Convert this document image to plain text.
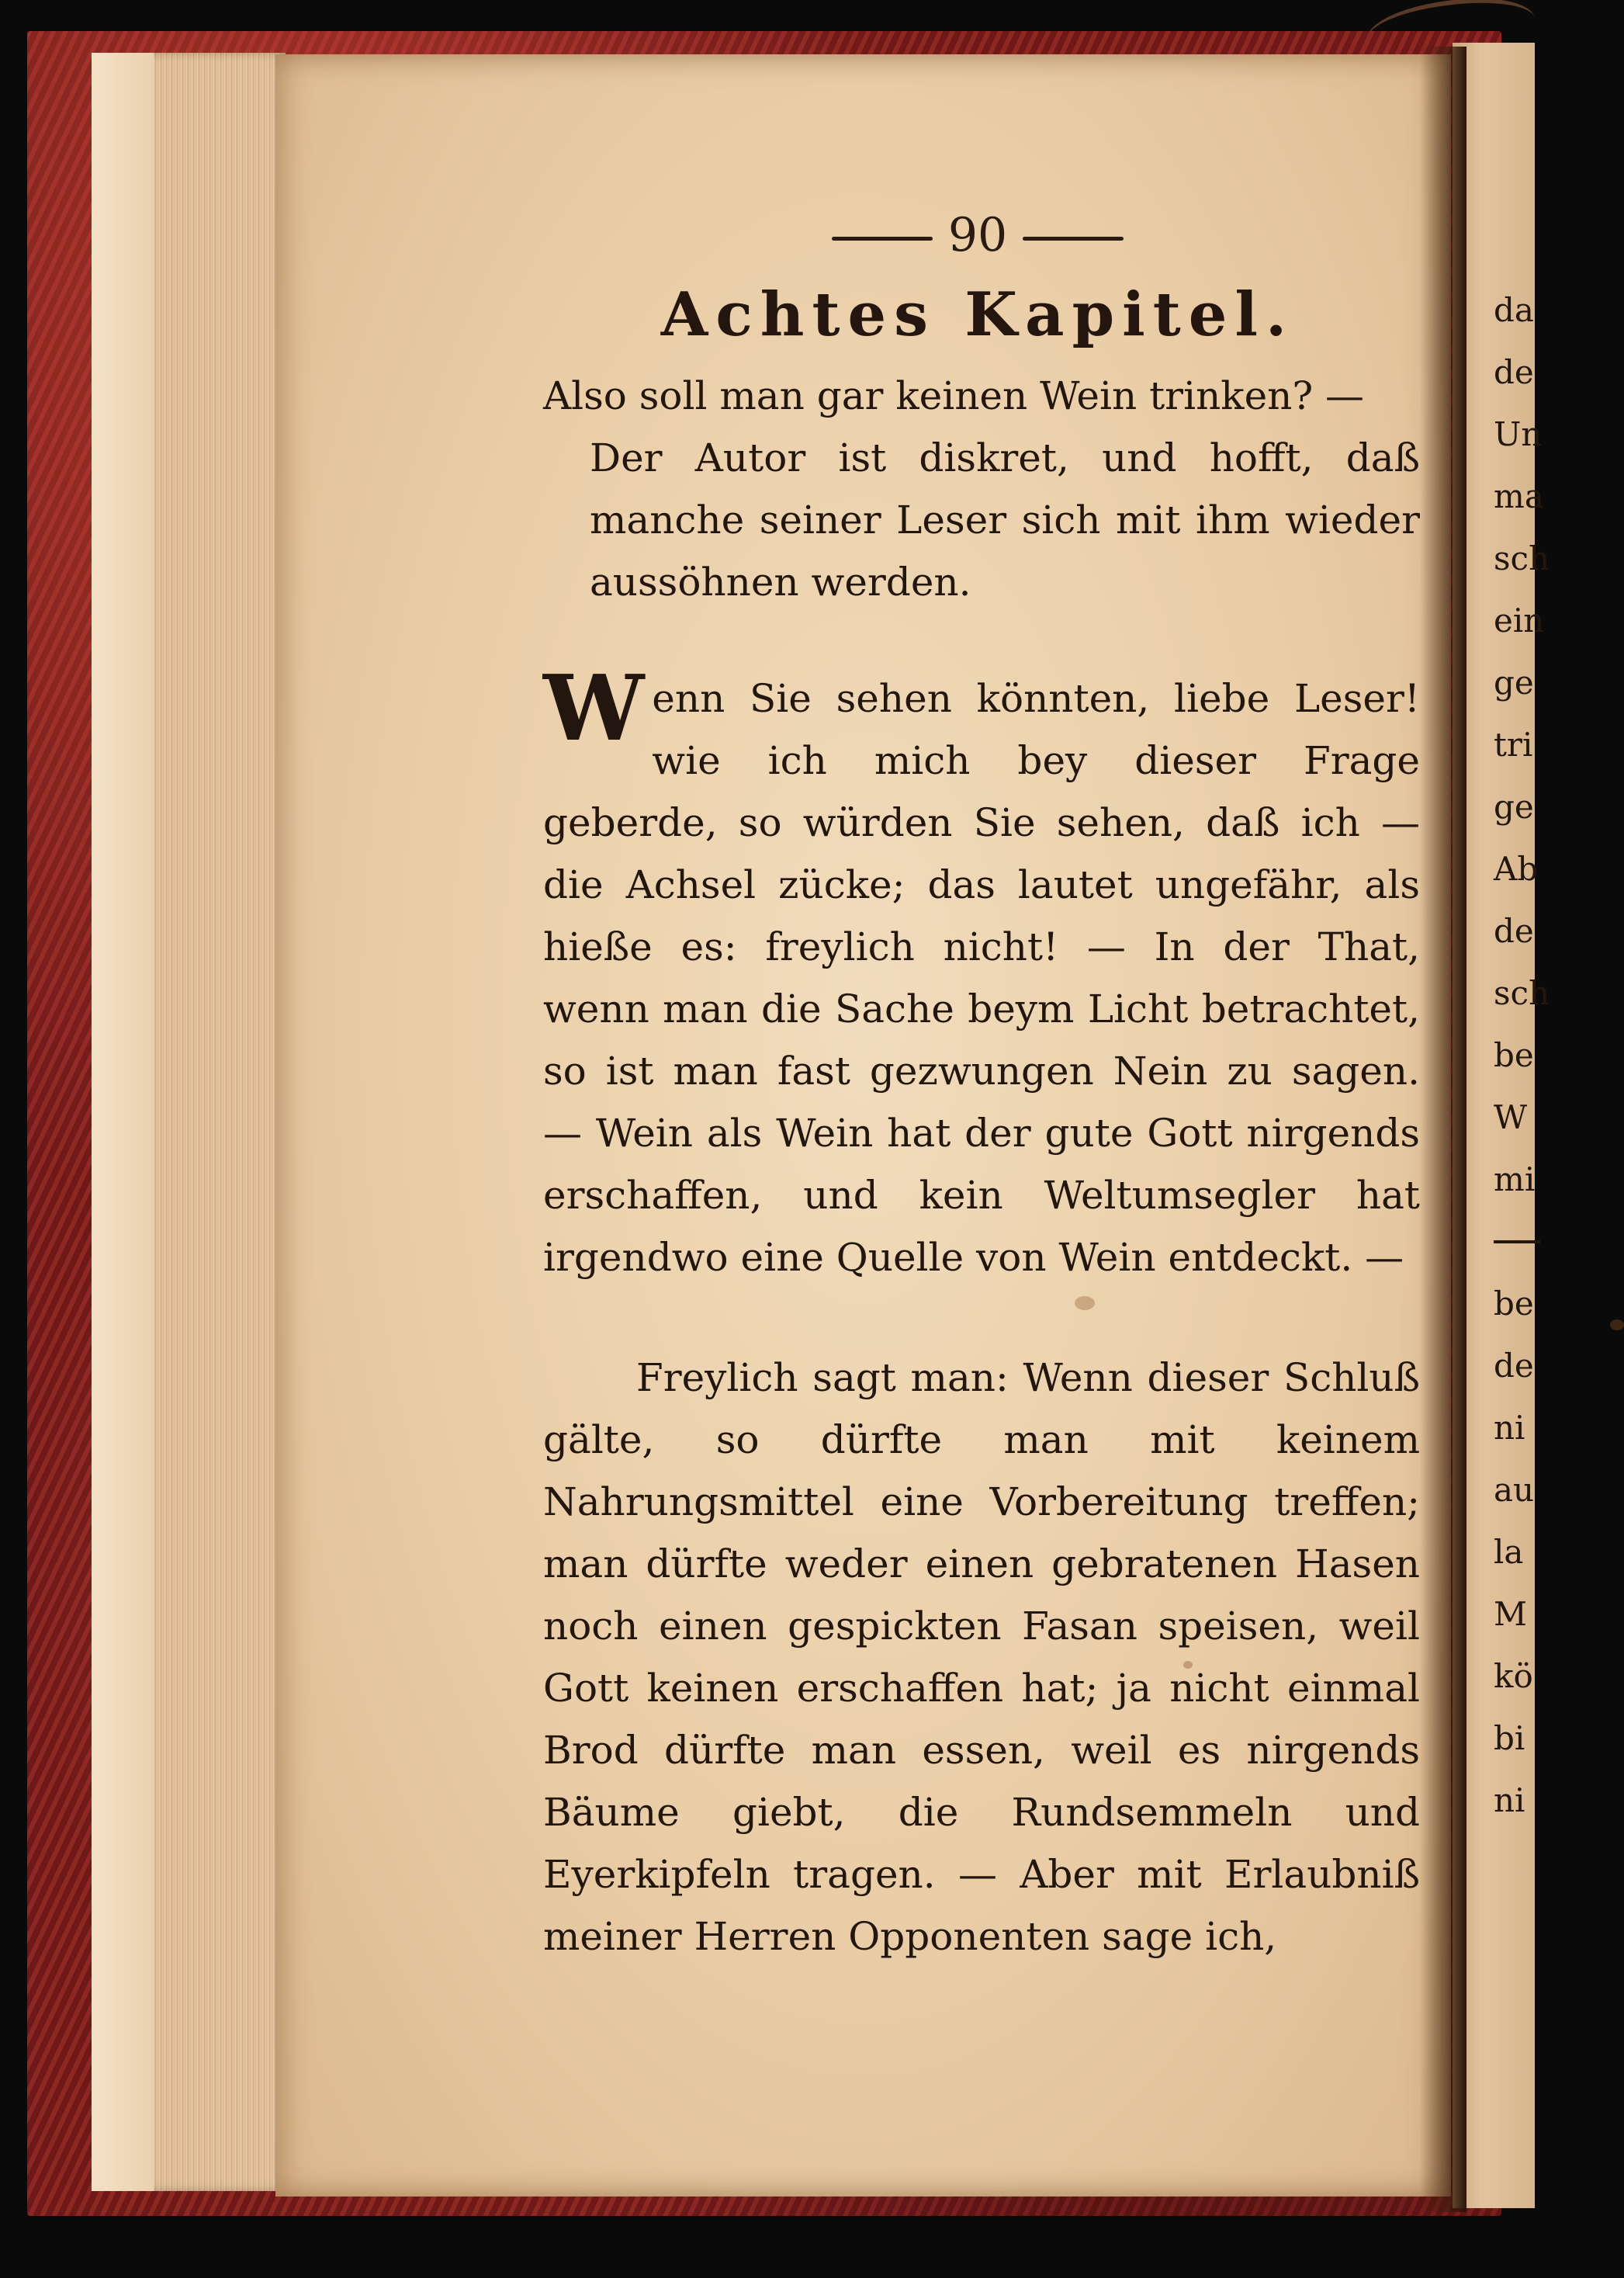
90
Achtes Kapitel.

Also soll man gar keinen Wein trinken? —
Der Autor ist diskret, und hofft, daß manche seiner Leser sich mit ihm wieder aussöhnen werden.

Wenn Sie sehen könnten, liebe Leser! wie ich mich bey dieser Frage geberde, so würden Sie sehen, daß ich — die Achsel zücke; das lautet ungefähr, als hieße es: freylich nicht! — In der That, wenn man die Sache beym Licht betrachtet, so ist man fast gezwungen Nein zu sagen. — Wein als Wein hat der gute Gott nirgends erschaffen, und kein Weltumsegler hat irgendwo eine Quelle von Wein entdeckt. —

Freylich sagt man: Wenn dieser Schluß gälte, so dürfte man mit keinem Nahrungsmittel eine Vorbereitung treffen; man dürfte weder einen gebratenen Hasen noch einen gespickten Fasan speisen, weil Gott keinen erschaffen hat; ja nicht einmal Brod dürfte man essen, weil es nirgends Bäume giebt, die Rundsemmeln und Eyerkipfeln tragen. — Aber mit Erlaubniß meiner Herren Opponenten sage ich,

da
de
Un
ma
sch
ein
ge
tri
ge
Ab
de
sch
be
W
mi
be
de
ni
au
la
M
kö
bi
ni
